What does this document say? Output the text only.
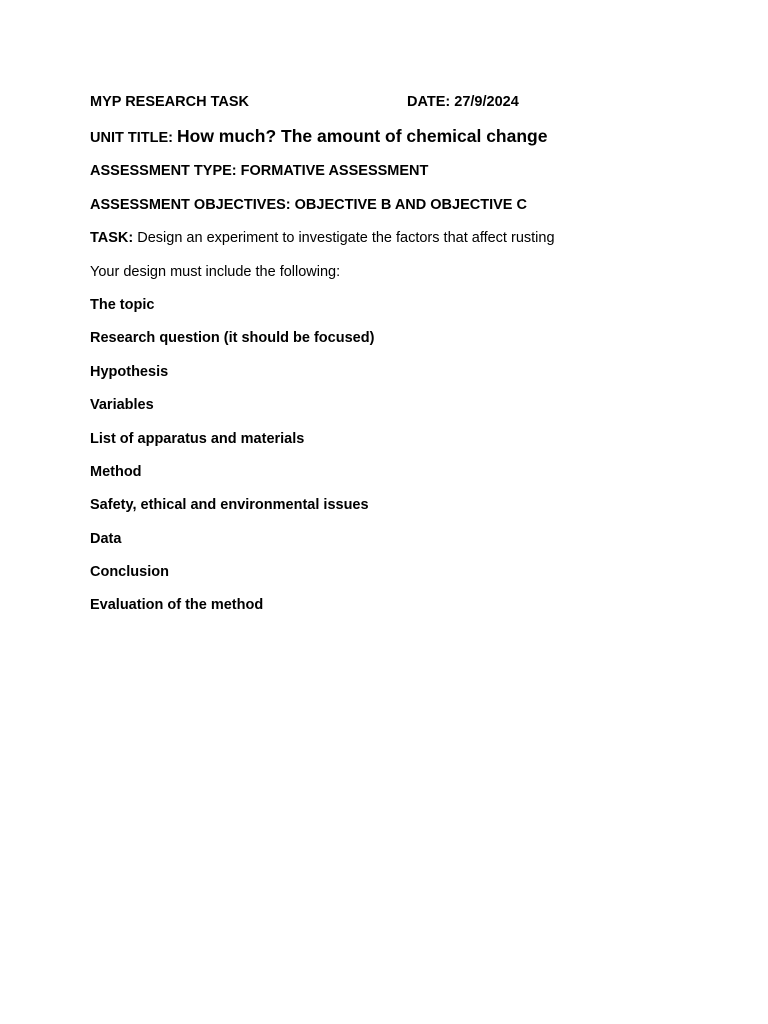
MYP RESEARCH TASK	DATE: 27/9/2024
UNIT TITLE: How much? The amount of chemical change
ASSESSMENT TYPE: FORMATIVE ASSESSMENT
ASSESSMENT OBJECTIVES: OBJECTIVE B AND OBJECTIVE C
TASK: Design an experiment to investigate the factors that affect rusting
Your design must include the following:
The topic
Research question (it should be focused)
Hypothesis
Variables
List of apparatus and materials
Method
Safety, ethical and environmental issues
Data
Conclusion
Evaluation of the method
